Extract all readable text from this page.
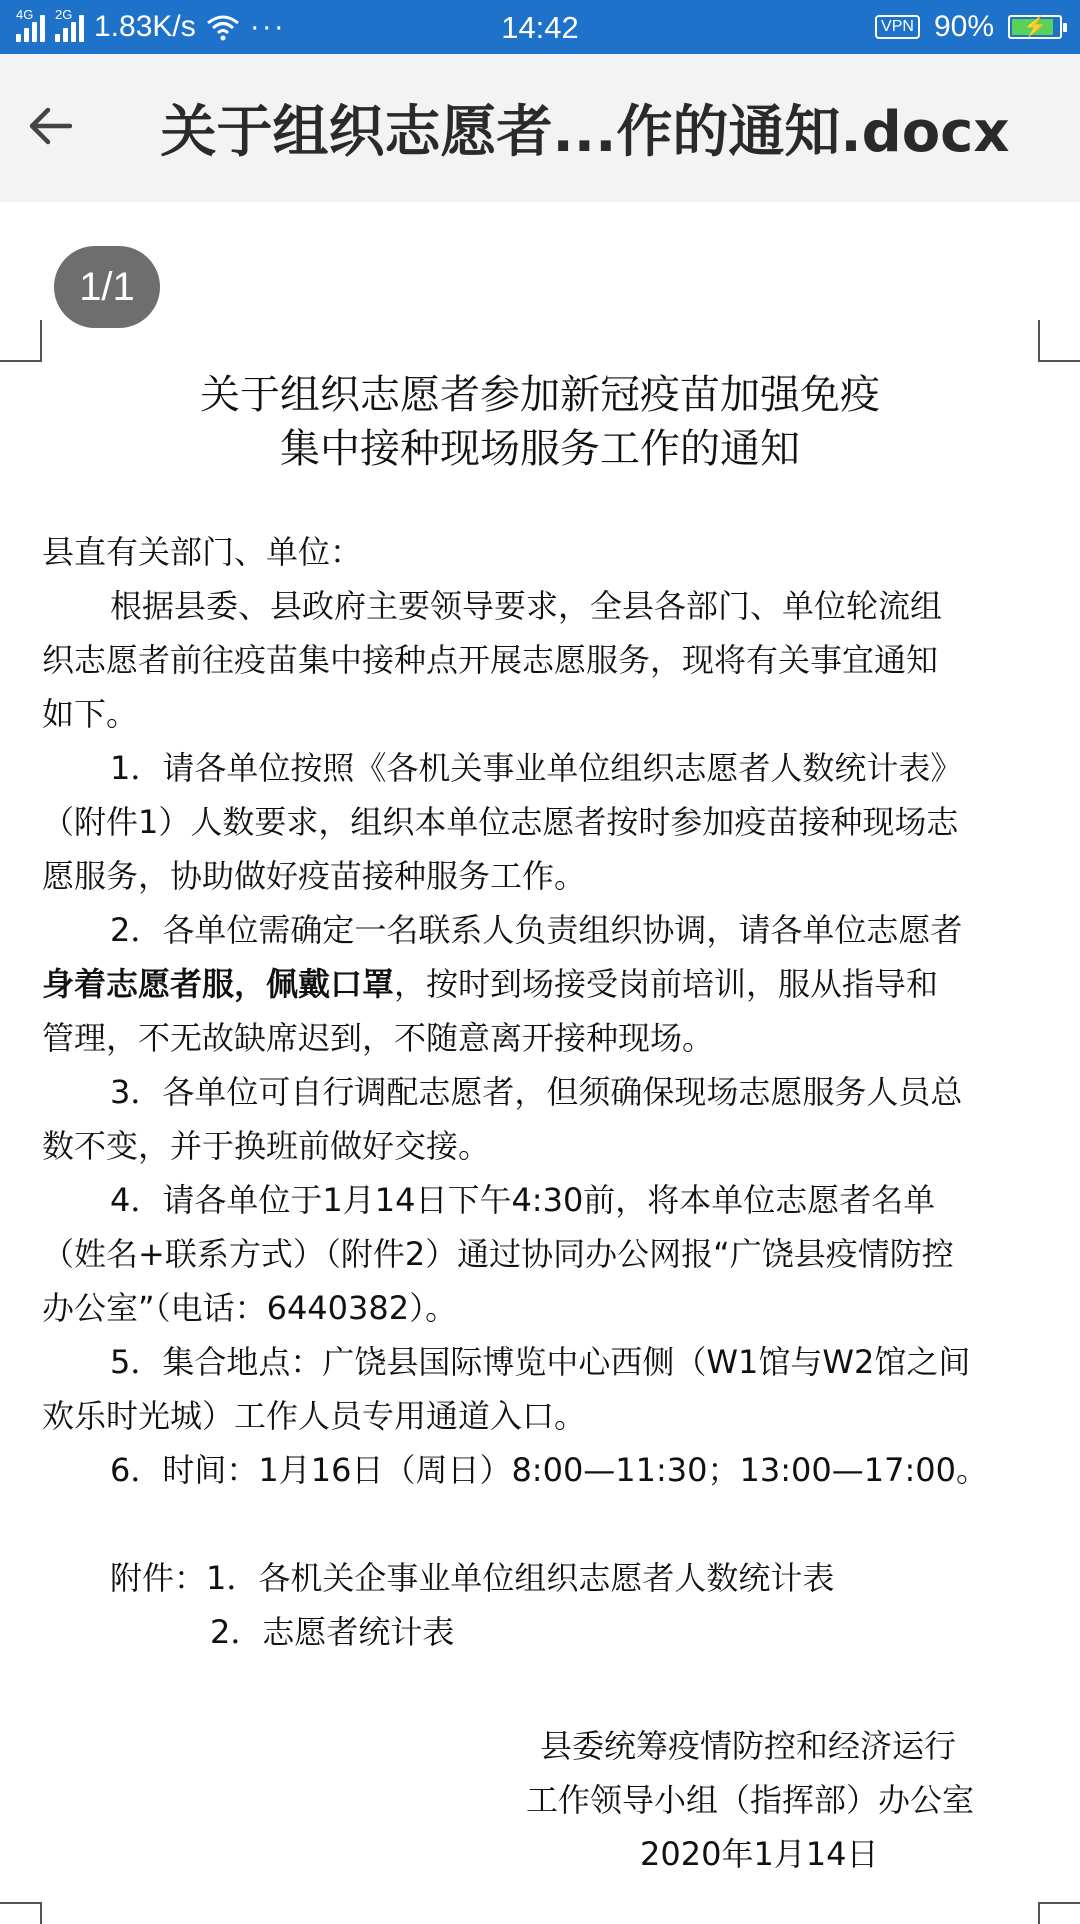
4G 2G 1.83K/s ···	14:42	VPN 90%	⚡
关于组织志愿者...作的通知.docx
1/1
关于组织志愿者参加新冠疫苗加强免疫
集中接种现场服务工作的通知
县直有关部门、单位：
根据县委、县政府主要领导要求，全县各部门、单位轮流组
织志愿者前往疫苗集中接种点开展志愿服务，现将有关事宜通知
如下。
1．请各单位按照《各机关事业单位组织志愿者人数统计表》
（附件1）人数要求，组织本单位志愿者按时参加疫苗接种现场志
愿服务，协助做好疫苗接种服务工作。
2．各单位需确定一名联系人负责组织协调，请各单位志愿者
身着志愿者服，佩戴口罩，按时到场接受岗前培训，服从指导和
管理，不无故缺席迟到，不随意离开接种现场。
3．各单位可自行调配志愿者，但须确保现场志愿服务人员总
数不变，并于换班前做好交接。
4．请各单位于1月14日下午4:30前，将本单位志愿者名单
（姓名+联系方式）（附件2）通过协同办公网报“广饶县疫情防控
办公室”（电话：6440382）。
5．集合地点：广饶县国际博览中心西侧（W1馆与W2馆之间
欢乐时光城）工作人员专用通道入口。
6．时间：1月16日（周日）8:00—11:30；13:00—17:00。
附件：1．各机关企事业单位组织志愿者人数统计表
2．志愿者统计表
县委统筹疫情防控和经济运行
工作领导小组（指挥部）办公室
2020年1月14日
